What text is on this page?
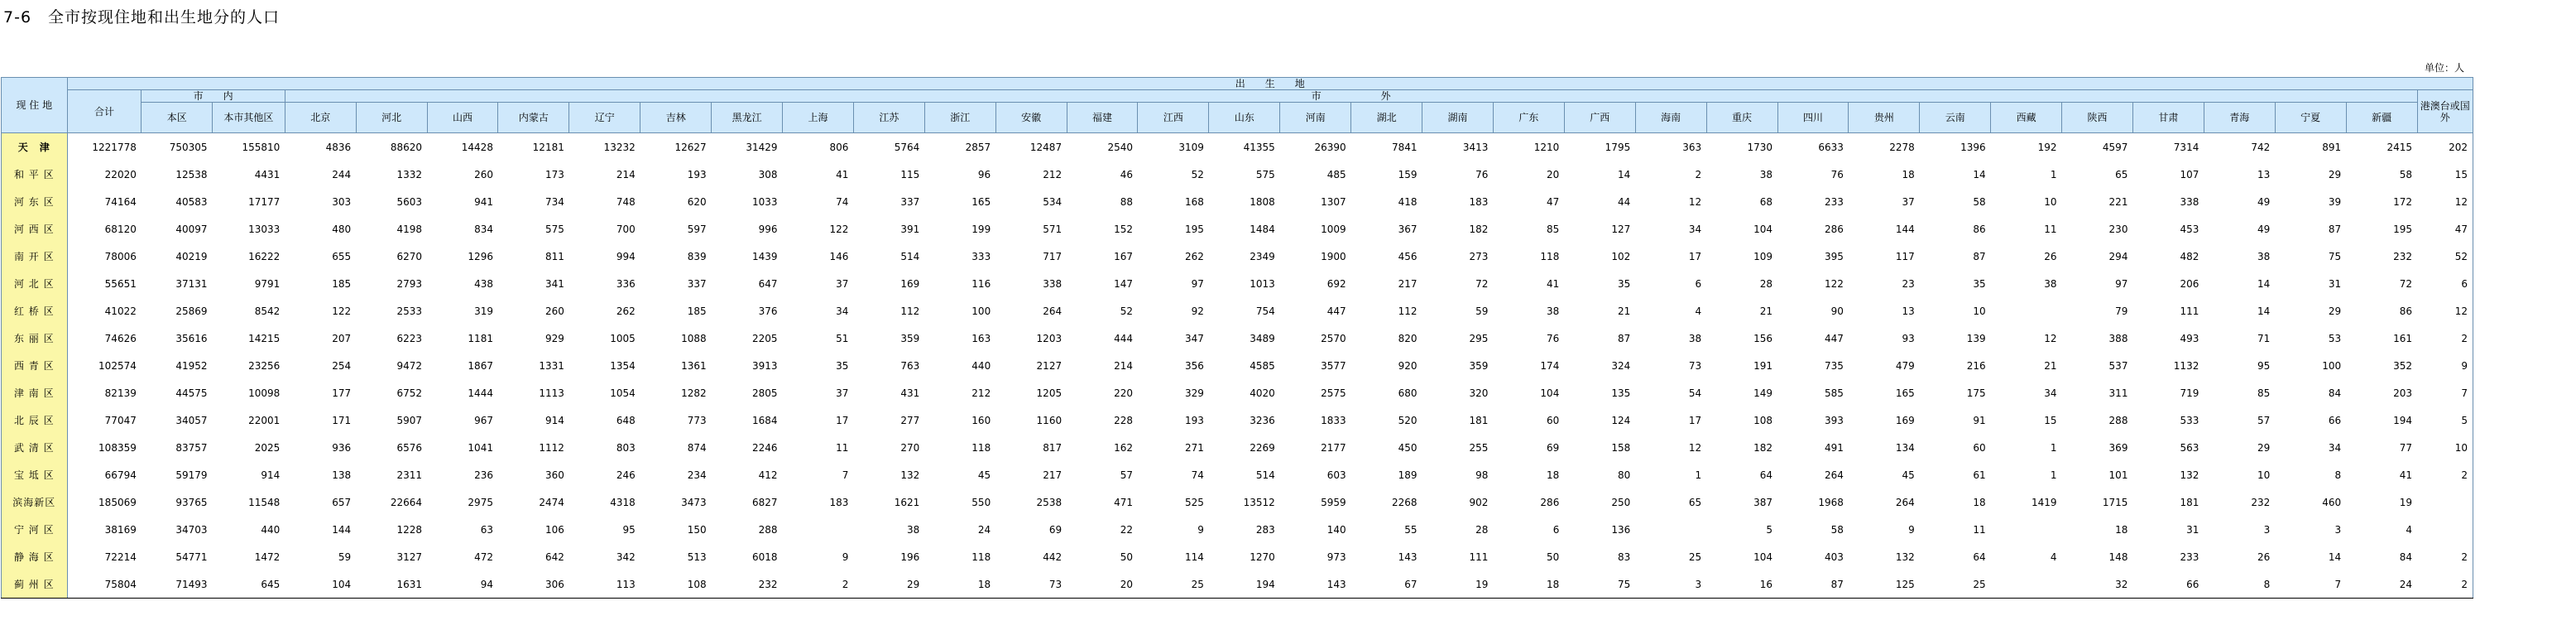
7-6　全市按现住地和出生地分的人口
单位：人
现 住 地	出　　生　　地																																	
	合计	市　　内		市　　　　　　外																														港澳台或国外
		本区	本市其他区	北京	河北	山西	内蒙古	辽宁	吉林	黑龙江	上海	江苏	浙江	安徽	福建	江西	山东	河南	湖北	湖南	广东	广西	海南	重庆	四川	贵州	云南	西藏	陕西	甘肃	青海	宁夏	新疆	
天　津	1221778	750305	155810	4836	88620	14428	12181	13232	12627	31429	806	5764	2857	12487	2540	3109	41355	26390	7841	3413	1210	1795	363	1730	6633	2278	1396	192	4597	7314	742	891	2415	202
和 平 区	22020	12538	4431	244	1332	260	173	214	193	308	41	115	96	212	46	52	575	485	159	76	20	14	2	38	76	18	14	1	65	107	13	29	58	15
河 东 区	74164	40583	17177	303	5603	941	734	748	620	1033	74	337	165	534	88	168	1808	1307	418	183	47	44	12	68	233	37	58	10	221	338	49	39	172	12
河 西 区	68120	40097	13033	480	4198	834	575	700	597	996	122	391	199	571	152	195	1484	1009	367	182	85	127	34	104	286	144	86	11	230	453	49	87	195	47
南 开 区	78006	40219	16222	655	6270	1296	811	994	839	1439	146	514	333	717	167	262	2349	1900	456	273	118	102	17	109	395	117	87	26	294	482	38	75	232	52
河 北 区	55651	37131	9791	185	2793	438	341	336	337	647	37	169	116	338	147	97	1013	692	217	72	41	35	6	28	122	23	35	38	97	206	14	31	72	6
红 桥 区	41022	25869	8542	122	2533	319	260	262	185	376	34	112	100	264	52	92	754	447	112	59	38	21	4	21	90	13	10		79	111	14	29	86	12
东 丽 区	74626	35616	14215	207	6223	1181	929	1005	1088	2205	51	359	163	1203	444	347	3489	2570	820	295	76	87	38	156	447	93	139	12	388	493	71	53	161	2
西 青 区	102574	41952	23256	254	9472	1867	1331	1354	1361	3913	35	763	440	2127	214	356	4585	3577	920	359	174	324	73	191	735	479	216	21	537	1132	95	100	352	9
津 南 区	82139	44575	10098	177	6752	1444	1113	1054	1282	2805	37	431	212	1205	220	329	4020	2575	680	320	104	135	54	149	585	165	175	34	311	719	85	84	203	7
北 辰 区	77047	34057	22001	171	5907	967	914	648	773	1684	17	277	160	1160	228	193	3236	1833	520	181	60	124	17	108	393	169	91	15	288	533	57	66	194	5
武 清 区	108359	83757	2025	936	6576	1041	1112	803	874	2246	11	270	118	817	162	271	2269	2177	450	255	69	158	12	182	491	134	60	1	369	563	29	34	77	10
宝 坻 区	66794	59179	914	138	2311	236	360	246	234	412	7	132	45	217	57	74	514	603	189	98	18	80	1	64	264	45	61	1	101	132	10	8	41	2
滨海新区	185069	93765	11548	657	22664	2975	2474	4318	3473	6827	183	1621	550	2538	471	525	13512	5959	2268	902	286	250	65	387	1968	264	18	1419	1715	181	232	460	19	
宁 河 区	38169	34703	440	144	1228	63	106	95	150	288		38	24	69	22	9	283	140	55	28	6	136		5	58	9	11		18	31	3	3	4	
静 海 区	72214	54771	1472	59	3127	472	642	342	513	6018	9	196	118	442	50	114	1270	973	143	111	50	83	25	104	403	132	64	4	148	233	26	14	84	2
蓟 州 区	75804	71493	645	104	1631	94	306	113	108	232	2	29	18	73	20	25	194	143	67	19	18	75	3	16	87	125	25		32	66	8	7	24	2
